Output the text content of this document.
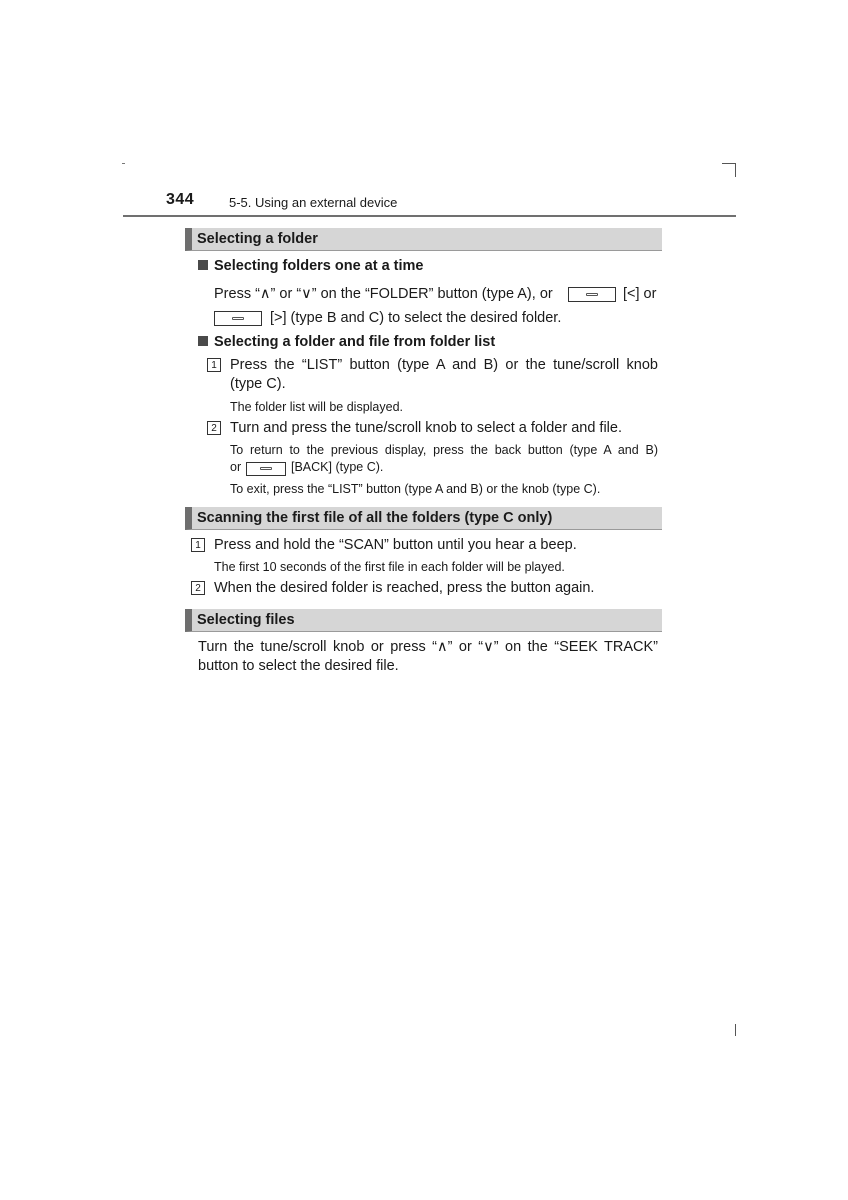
344	5-5. Using an external device
Selecting a folder
Selecting folders one at a time
Press “∧” or “∨” on the “FOLDER” button (type A), or	[<] or
[>] (type B and C) to select the desired folder.
Selecting a folder and file from folder list
1 Press the “LIST” button (type A and B) or the tune/scroll knob
(type C).
The folder list will be displayed.
2 Turn and press the tune/scroll knob to select a folder and file.
To return to the previous display, press the back button (type A and B)
or	[BACK] (type C).
To exit, press the “LIST” button (type A and B) or the knob (type C).
Scanning the first file of all the folders (type C only)
1 Press and hold the “SCAN” button until you hear a beep.
The first 10 seconds of the first file in each folder will be played.
2 When the desired folder is reached, press the button again.
Selecting files
Turn the tune/scroll knob or press “∧” or “∨” on the “SEEK TRACK”
button to select the desired file.
